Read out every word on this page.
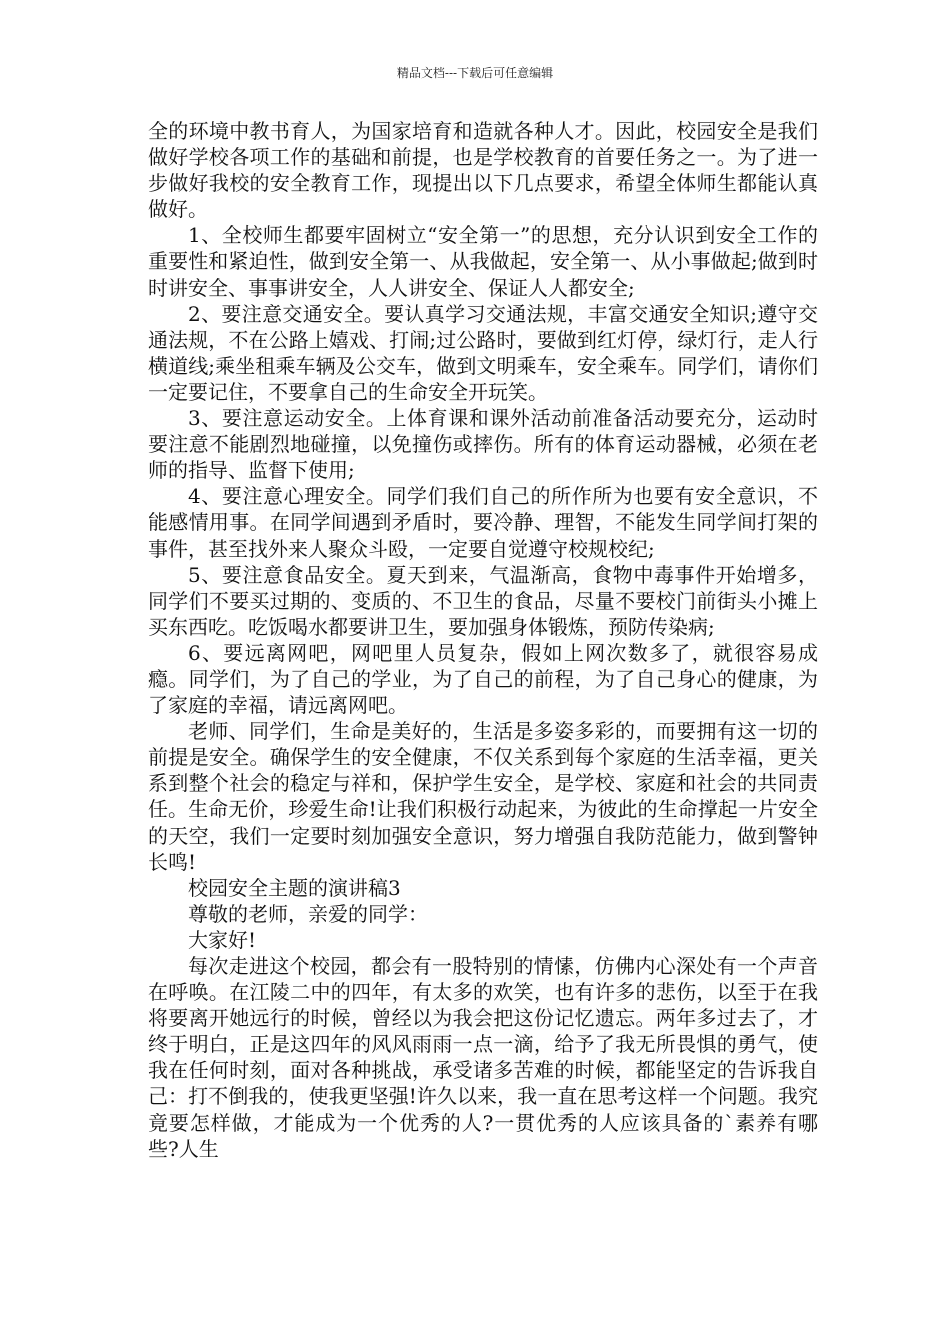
精品文档---下载后可任意编辑

全的环境中教书育人，为国家培育和造就各种人才。因此，校园安全是我们做好学校各项工作的基础和前提，也是学校教育的首要任务之一。为了进一步做好我校的安全教育工作，现提出以下几点要求，希望全体师生都能认真做好。

1、全校师生都要牢固树立“安全第一”的思想，充分认识到安全工作的重要性和紧迫性，做到安全第一、从我做起，安全第一、从小事做起;做到时时讲安全、事事讲安全，人人讲安全、保证人人都安全;

2、要注意交通安全。要认真学习交通法规，丰富交通安全知识;遵守交通法规，不在公路上嬉戏、打闹;过公路时，要做到红灯停，绿灯行，走人行横道线;乘坐租乘车辆及公交车，做到文明乘车，安全乘车。同学们，请你们一定要记住，不要拿自己的生命安全开玩笑。

3、要注意运动安全。上体育课和课外活动前准备活动要充分，运动时要注意不能剧烈地碰撞，以免撞伤或摔伤。所有的体育运动器械，必须在老师的指导、监督下使用;

4、要注意心理安全。同学们我们自己的所作所为也要有安全意识，不能感情用事。在同学间遇到矛盾时，要冷静、理智，不能发生同学间打架的事件，甚至找外来人聚众斗殴，一定要自觉遵守校规校纪;

5、要注意食品安全。夏天到来，气温渐高，食物中毒事件开始增多，同学们不要买过期的、变质的、不卫生的食品，尽量不要校门前街头小摊上买东西吃。吃饭喝水都要讲卫生，要加强身体锻炼，预防传染病;

6、要远离网吧，网吧里人员复杂，假如上网次数多了，就很容易成瘾。同学们，为了自己的学业，为了自己的前程，为了自己身心的健康，为了家庭的幸福，请远离网吧。

老师、同学们，生命是美好的，生活是多姿多彩的，而要拥有这一切的前提是安全。确保学生的安全健康，不仅关系到每个家庭的生活幸福，更关系到整个社会的稳定与祥和，保护学生安全，是学校、家庭和社会的共同责任。生命无价，珍爱生命!让我们积极行动起来，为彼此的生命撑起一片安全的天空，我们一定要时刻加强安全意识，努力增强自我防范能力，做到警钟长鸣!

校园安全主题的演讲稿3

尊敬的老师，亲爱的同学：

大家好!

每次走进这个校园，都会有一股特别的情愫，仿佛内心深处有一个声音在呼唤。在江陵二中的四年，有太多的欢笑，也有许多的悲伤，以至于在我将要离开她远行的时候，曾经以为我会把这份记忆遗忘。两年多过去了，才终于明白，正是这四年的风风雨雨一点一滴，给予了我无所畏惧的勇气，使我在任何时刻，面对各种挑战，承受诸多苦难的时候，都能坚定的告诉我自己：打不倒我的，使我更坚强!许久以来，我一直在思考这样一个问题。我究竟要怎样做，才能成为一个优秀的人?一贯优秀的人应该具备的`素养有哪些?人生
